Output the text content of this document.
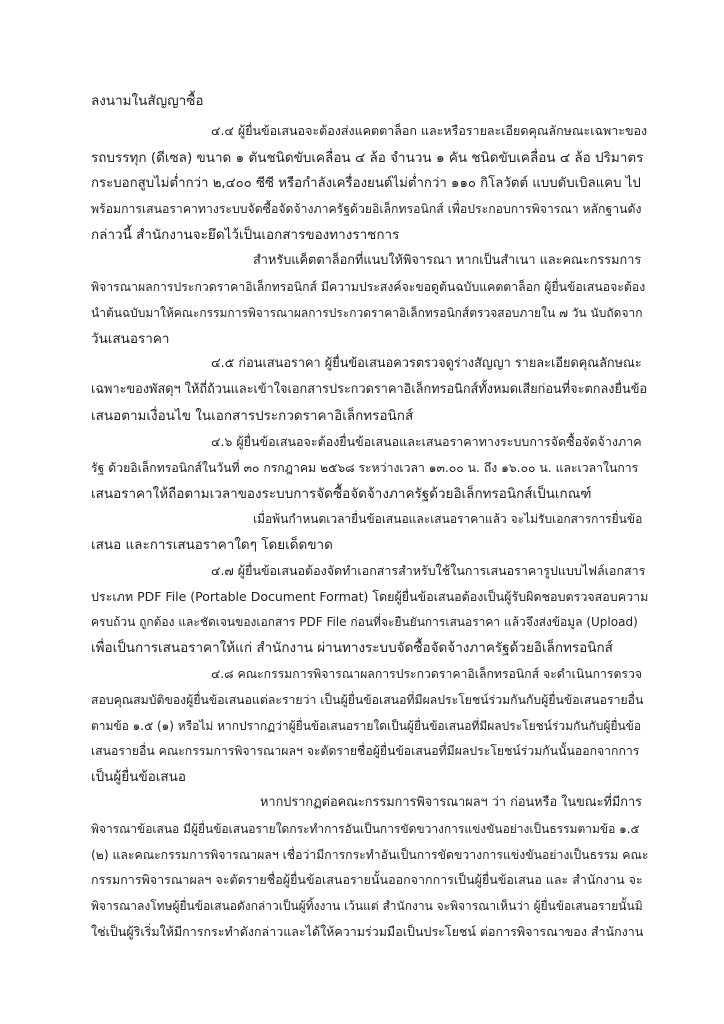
ลงนามในสัญญาซื้อ

๔.๔ ผู้ยื่นข้อเสนอจะต้องส่งแคตตาล็อก และหรือรายละเอียดคุณลักษณะเฉพาะของ

รถบรรทุก (ดีเซล) ขนาด ๑ ตันชนิดขับเคลื่อน ๔ ล้อ จำนวน ๑ คัน ชนิดขับเคลื่อน ๔ ล้อ ปริมาตร

กระบอกสูบไม่ต่ำกว่า ๒,๔๐๐ ซีซี หรือกำลังเครื่องยนต์ไม่ต่ำกว่า ๑๑๐ กิโลวัตต์ แบบดับเบิลแคบ ไป

พร้อมการเสนอราคาทางระบบจัดซื้อจัดจ้างภาครัฐด้วยอิเล็กทรอนิกส์ เพื่อประกอบการพิจารณา หลักฐานดัง

กล่าวนี้ สำนักงานจะยึดไว้เป็นเอกสารของทางราชการ

สำหรับแค็ตตาล็อกที่แนบให้พิจารณา หากเป็นสำเนา และคณะกรรมการ

พิจารณาผลการประกวดราคาอิเล็กทรอนิกส์ มีความประสงค์จะขอดูต้นฉบับแคตตาล็อก ผู้ยื่นข้อเสนอจะต้อง

นำต้นฉบับมาให้คณะกรรมการพิจารณาผลการประกวดราคาอิเล็กทรอนิกส์ตรวจสอบภายใน ๗ วัน นับถัดจาก

วันเสนอราคา

๔.๕ ก่อนเสนอราคา ผู้ยื่นข้อเสนอควรตรวจดูร่างสัญญา รายละเอียดคุณลักษณะ

เฉพาะของพัสดุฯ ให้ถี่ถ้วนและเข้าใจเอกสารประกวดราคาอิเล็กทรอนิกส์ทั้งหมดเสียก่อนที่จะตกลงยื่นข้อ

เสนอตามเงื่อนไข ในเอกสารประกวดราคาอิเล็กทรอนิกส์

๔.๖ ผู้ยื่นข้อเสนอจะต้องยื่นข้อเสนอและเสนอราคาทางระบบการจัดซื้อจัดจ้างภาค

รัฐ ด้วยอิเล็กทรอนิกส์ในวันที่ ๓๐ กรกฎาคม ๒๕๖๘ ระหว่างเวลา ๑๓.๐๐ น. ถึง ๑๖.๐๐ น. และเวลาในการ

เสนอราคาให้ถือตามเวลาของระบบการจัดซื้อจัดจ้างภาครัฐด้วยอิเล็กทรอนิกส์เป็นเกณฑ์

เมื่อพ้นกำหนดเวลายื่นข้อเสนอและเสนอราคาแล้ว จะไม่รับเอกสารการยื่นข้อ

เสนอ และการเสนอราคาใดๆ โดยเด็ดขาด

๔.๗ ผู้ยื่นข้อเสนอต้องจัดทำเอกสารสำหรับใช้ในการเสนอราคารูปแบบไฟล์เอกสาร

ประเภท PDF File (Portable Document Format) โดยผู้ยื่นข้อเสนอต้องเป็นผู้รับผิดชอบตรวจสอบความ

ครบถ้วน ถูกต้อง และชัดเจนของเอกสาร PDF File ก่อนที่จะยืนยันการเสนอราคา แล้วจึงส่งข้อมูล (Upload)

เพื่อเป็นการเสนอราคาให้แก่ สำนักงาน ผ่านทางระบบจัดซื้อจัดจ้างภาครัฐด้วยอิเล็กทรอนิกส์

๔.๘ คณะกรรมการพิจารณาผลการประกวดราคาอิเล็กทรอนิกส์ จะดำเนินการตรวจ

สอบคุณสมบัติของผู้ยื่นข้อเสนอแต่ละรายว่า เป็นผู้ยื่นข้อเสนอที่มีผลประโยชน์ร่วมกันกับผู้ยื่นข้อเสนอรายอื่น

ตามข้อ ๑.๕ (๑) หรือไม่ หากปรากฏว่าผู้ยื่นข้อเสนอรายใดเป็นผู้ยื่นข้อเสนอที่มีผลประโยชน์ร่วมกันกับผู้ยื่นข้อ

เสนอรายอื่น คณะกรรมการพิจารณาผลฯ จะตัดรายชื่อผู้ยื่นข้อเสนอที่มีผลประโยชน์ร่วมกันนั้นออกจากการ

เป็นผู้ยื่นข้อเสนอ

หากปรากฏต่อคณะกรรมการพิจารณาผลฯ ว่า ก่อนหรือ ในขณะที่มีการ

พิจารณาข้อเสนอ มีผู้ยื่นข้อเสนอรายใดกระทำการอันเป็นการขัดขวางการแข่งขันอย่างเป็นธรรมตามข้อ ๑.๕

(๒) และคณะกรรมการพิจารณาผลฯ เชื่อว่ามีการกระทำอันเป็นการขัดขวางการแข่งขันอย่างเป็นธรรม คณะ

กรรมการพิจารณาผลฯ จะตัดรายชื่อผู้ยื่นข้อเสนอรายนั้นออกจากการเป็นผู้ยื่นข้อเสนอ และ สำนักงาน จะ

พิจารณาลงโทษผู้ยื่นข้อเสนอดังกล่าวเป็นผู้ทิ้งงาน เว้นแต่ สำนักงาน จะพิจารณาเห็นว่า ผู้ยื่นข้อเสนอรายนั้นมิ

ใช่เป็นผู้ริเริ่มให้มีการกระทำดังกล่าวและได้ให้ความร่วมมือเป็นประโยชน์ ต่อการพิจารณาของ สำนักงาน
